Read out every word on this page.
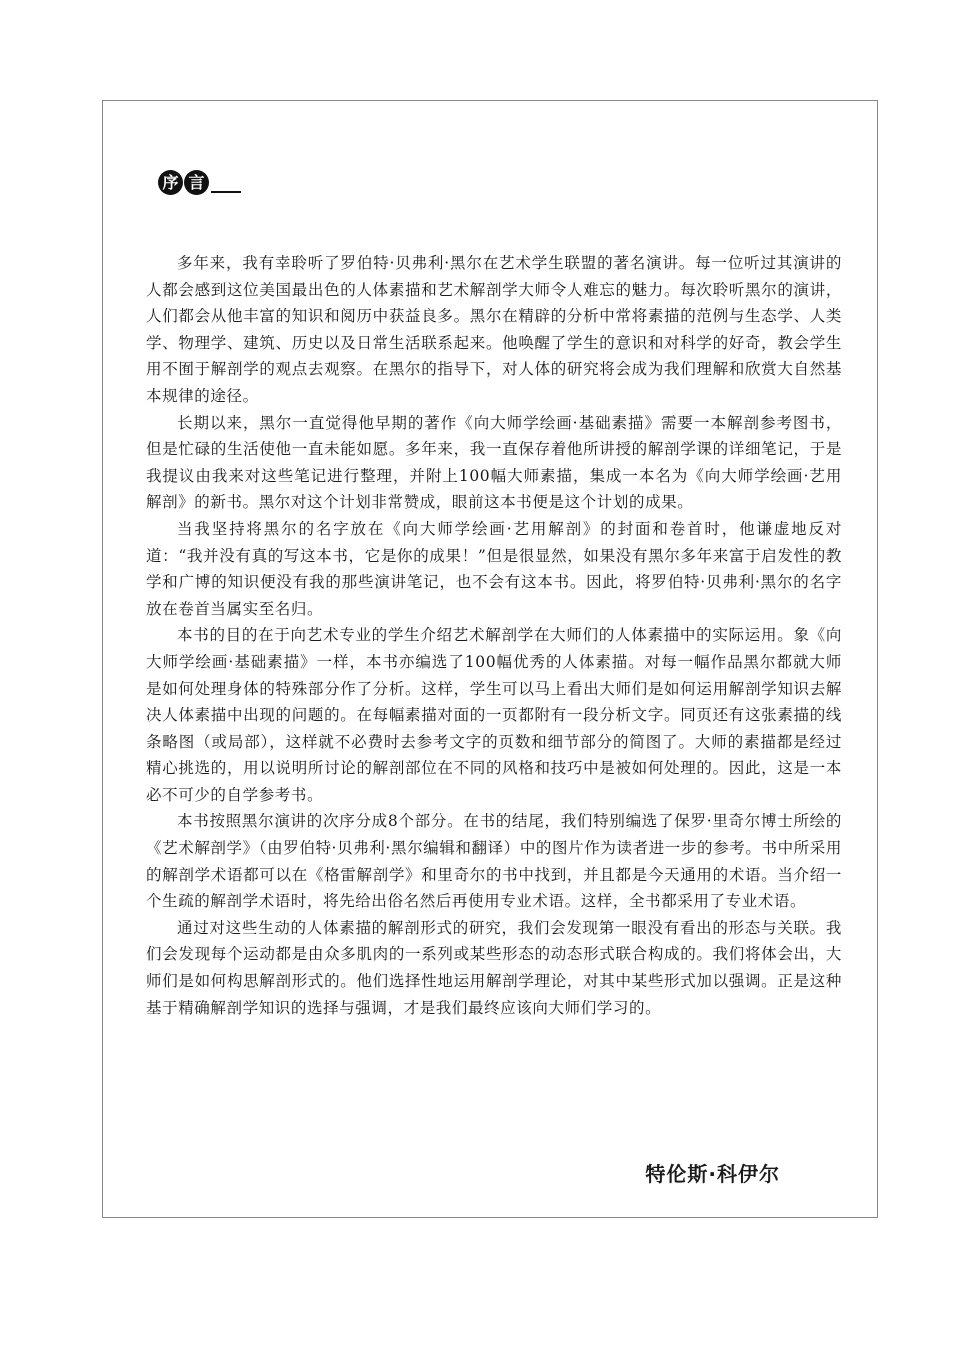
序 言

多年来，我有幸聆听了罗伯特·贝弗利·黑尔在艺术学生联盟的著名演讲。每一位听过其演讲的人都会感到这位美国最出色的人体素描和艺术解剖学大师令人难忘的魅力。每次聆听黑尔的演讲，人们都会从他丰富的知识和阅历中获益良多。黑尔在精辟的分析中常将素描的范例与生态学、人类学、物理学、建筑、历史以及日常生活联系起来。他唤醒了学生的意识和对科学的好奇，教会学生用不囿于解剖学的观点去观察。在黑尔的指导下，对人体的研究将会成为我们理解和欣赏大自然基本规律的途径。

长期以来，黑尔一直觉得他早期的著作《向大师学绘画·基础素描》需要一本解剖参考图书，但是忙碌的生活使他一直未能如愿。多年来，我一直保存着他所讲授的解剖学课的详细笔记，于是我提议由我来对这些笔记进行整理，并附上100幅大师素描，集成一本名为《向大师学绘画·艺用解剖》的新书。黑尔对这个计划非常赞成，眼前这本书便是这个计划的成果。

当我坚持将黑尔的名字放在《向大师学绘画·艺用解剖》的封面和卷首时，他谦虚地反对道：“我并没有真的写这本书，它是你的成果！”但是很显然，如果没有黑尔多年来富于启发性的教学和广博的知识便没有我的那些演讲笔记，也不会有这本书。因此，将罗伯特·贝弗利·黑尔的名字放在卷首当属实至名归。

本书的目的在于向艺术专业的学生介绍艺术解剖学在大师们的人体素描中的实际运用。象《向大师学绘画·基础素描》一样，本书亦编选了100幅优秀的人体素描。对每一幅作品黑尔都就大师是如何处理身体的特殊部分作了分析。这样，学生可以马上看出大师们是如何运用解剖学知识去解决人体素描中出现的问题的。在每幅素描对面的一页都附有一段分析文字。同页还有这张素描的线条略图（或局部），这样就不必费时去参考文字的页数和细节部分的简图了。大师的素描都是经过精心挑选的，用以说明所讨论的解剖部位在不同的风格和技巧中是被如何处理的。因此，这是一本必不可少的自学参考书。

本书按照黑尔演讲的次序分成8个部分。在书的结尾，我们特别编选了保罗·里奇尔博士所绘的《艺术解剖学》（由罗伯特·贝弗利·黑尔编辑和翻译）中的图片作为读者进一步的参考。书中所采用的解剖学术语都可以在《格雷解剖学》和里奇尔的书中找到，并且都是今天通用的术语。当介绍一个生疏的解剖学术语时，将先给出俗名然后再使用专业术语。这样，全书都采用了专业术语。

通过对这些生动的人体素描的解剖形式的研究，我们会发现第一眼没有看出的形态与关联。我们会发现每个运动都是由众多肌肉的一系列或某些形态的动态形式联合构成的。我们将体会出，大师们是如何构思解剖形式的。他们选择性地运用解剖学理论，对其中某些形式加以强调。正是这种基于精确解剖学知识的选择与强调，才是我们最终应该向大师们学习的。

特伦斯·科伊尔
